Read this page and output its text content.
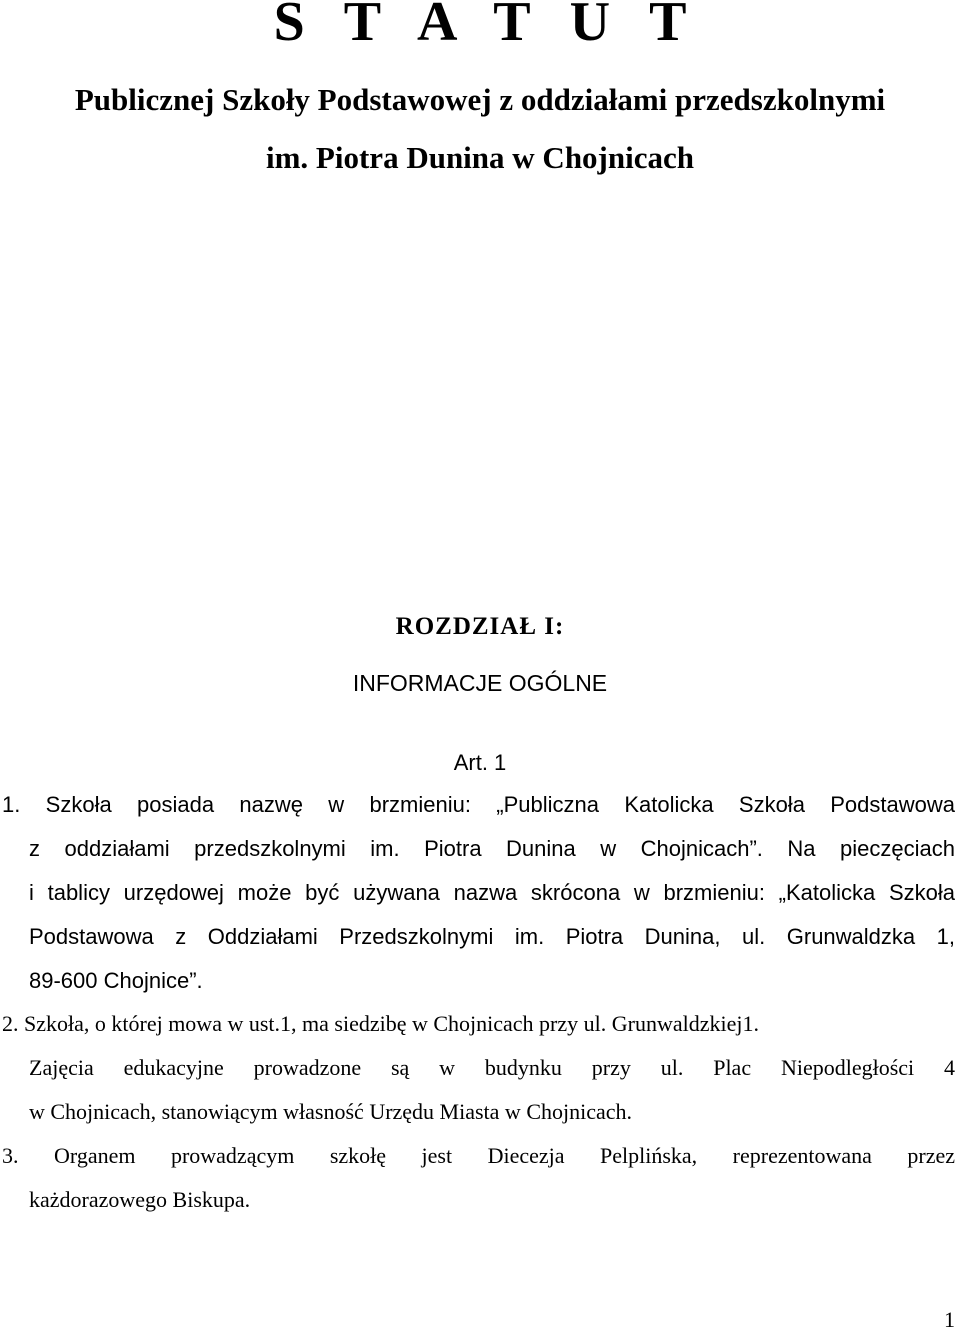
S T A T U T

Publicznej Szkoły Podstawowej z oddziałami przedszkolnymi

im. Piotra Dunina w Chojnicach

ROZDZIAŁ I:

INFORMACJE OGÓLNE

Art. 1

1. Szkoła posiada nazwę w brzmieniu: „Publiczna Katolicka Szkoła Podstawowa
z oddziałami przedszkolnymi im. Piotra Dunina w Chojnicach”. Na pieczęciach
i tablicy urzędowej może być używana nazwa skrócona w brzmieniu: „Katolicka Szkoła
Podstawowa z Oddziałami Przedszkolnymi im. Piotra Dunina, ul. Grunwaldzka 1,
89-600 Chojnice”.
2. Szkoła, o której mowa w ust.1, ma siedzibę w Chojnicach przy ul. Grunwaldzkiej1.
Zajęcia edukacyjne prowadzone są w budynku przy ul. Plac Niepodległości 4
w Chojnicach, stanowiącym własność Urzędu Miasta w Chojnicach.
3. Organem prowadzącym szkołę jest Diecezja Pelplińska, reprezentowana przez
każdorazowego Biskupa.

1
